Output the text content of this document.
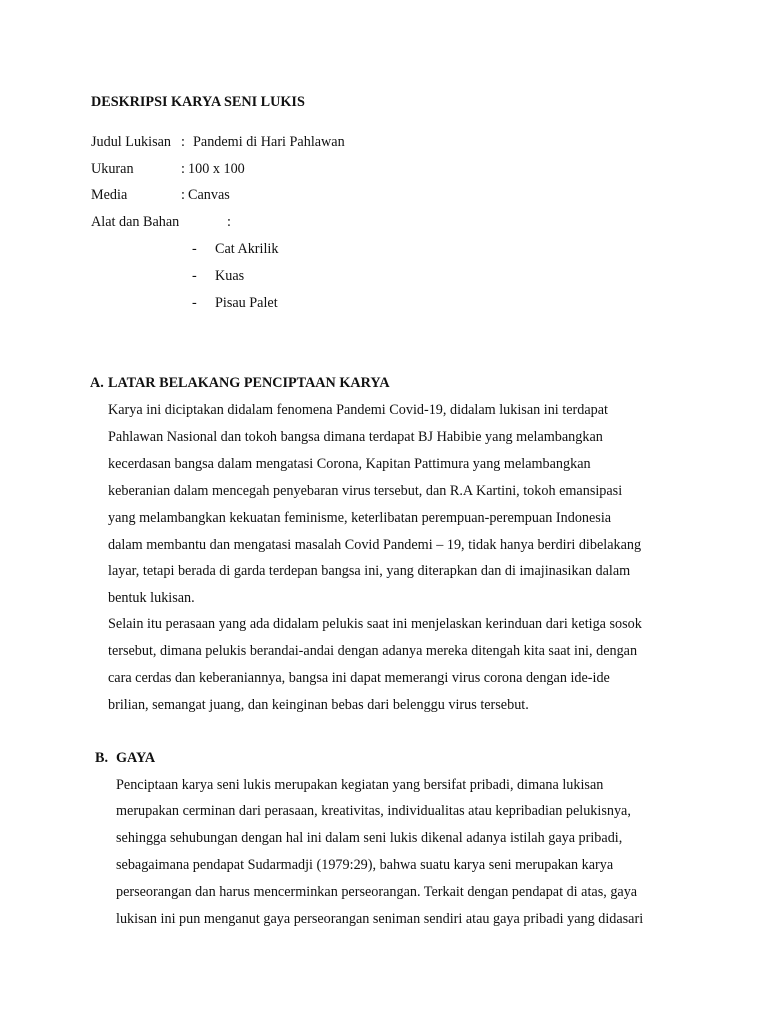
DESKRIPSI KARYA SENI LUKIS
Judul Lukisan : Pandemi di Hari Pahlawan
Ukuran	: 100 x 100
Media	: Canvas
Alat dan Bahan	:
- Cat Akrilik
- Kuas
- Pisau Palet
A. LATAR BELAKANG PENCIPTAAN KARYA
Karya ini diciptakan didalam fenomena Pandemi Covid-19, didalam lukisan ini terdapat
Pahlawan Nasional dan tokoh bangsa dimana terdapat BJ Habibie yang melambangkan
kecerdasan bangsa dalam mengatasi Corona, Kapitan Pattimura yang melambangkan
keberanian dalam mencegah penyebaran virus tersebut, dan R.A Kartini, tokoh emansipasi
yang melambangkan kekuatan feminisme, keterlibatan perempuan-perempuan Indonesia
dalam membantu dan mengatasi masalah Covid Pandemi – 19, tidak hanya berdiri dibelakang
layar, tetapi berada di garda terdepan bangsa ini, yang diterapkan dan di imajinasikan dalam
bentuk lukisan.
Selain itu perasaan yang ada didalam pelukis saat ini menjelaskan kerinduan dari ketiga sosok
tersebut, dimana pelukis berandai-andai dengan adanya mereka ditengah kita saat ini, dengan
cara cerdas dan keberaniannya, bangsa ini dapat memerangi virus corona dengan ide-ide
brilian, semangat juang, dan keinginan bebas dari belenggu virus tersebut.
B. GAYA
Penciptaan karya seni lukis merupakan kegiatan yang bersifat pribadi, dimana lukisan
merupakan cerminan dari perasaan, kreativitas, individualitas atau kepribadian pelukisnya,
sehingga sehubungan dengan hal ini dalam seni lukis dikenal adanya istilah gaya pribadi,
sebagaimana pendapat Sudarmadji (1979:29), bahwa suatu karya seni merupakan karya
perseorangan dan harus mencerminkan perseorangan. Terkait dengan pendapat di atas, gaya
lukisan ini pun menganut gaya perseorangan seniman sendiri atau gaya pribadi yang didasari
